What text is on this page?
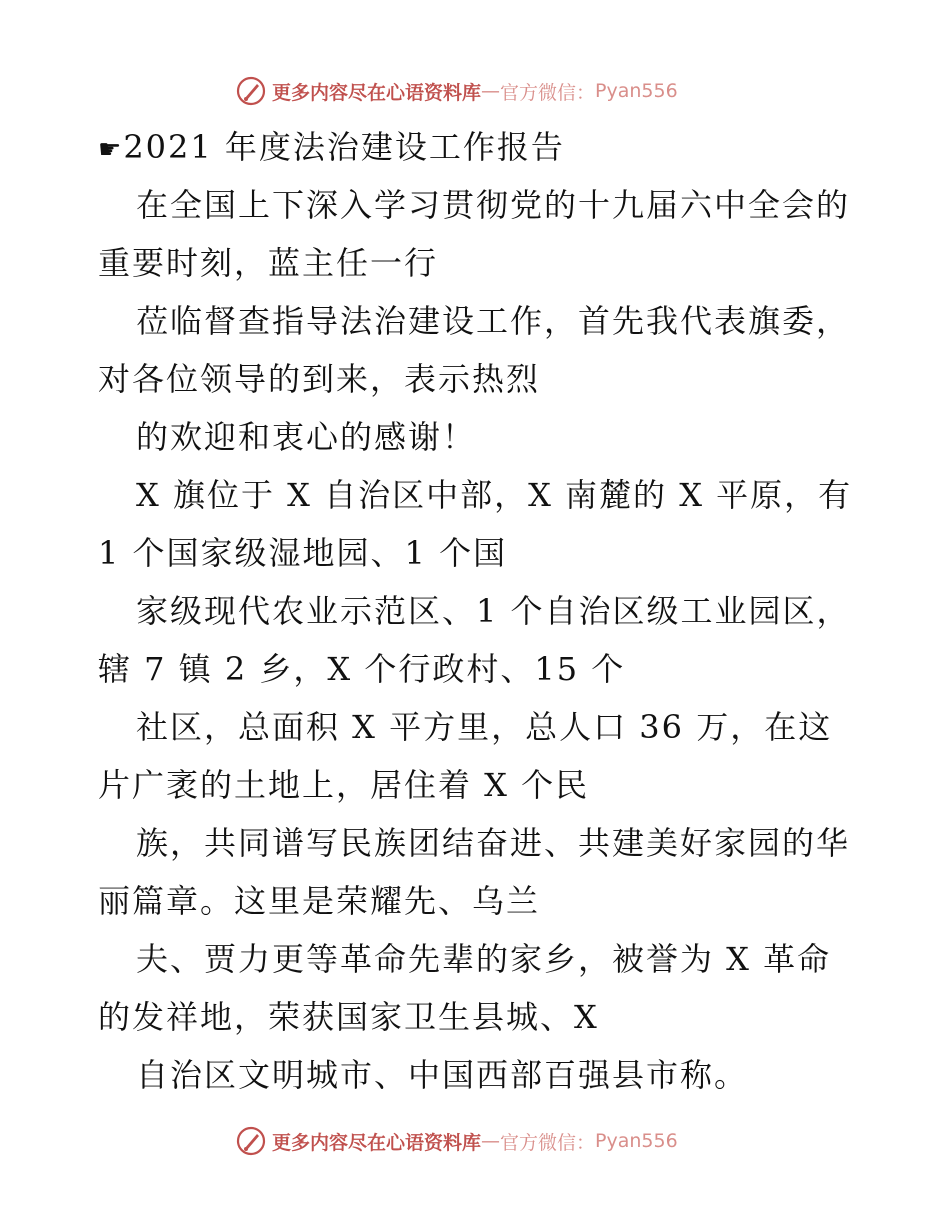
更多内容尽在心语资料库 — 官方微信： Pyan556
☛2021 年度法治建设工作报告
在全国上下深入学习贯彻党的十九届六中全会的
重要时刻，蓝主任一行
莅临督查指导法治建设工作，首先我代表旗委，
对各位领导的到来，表示热烈
的欢迎和衷心的感谢！
X 旗位于 X 自治区中部，X 南麓的 X 平原，有
1 个国家级湿地园、1 个国
家级现代农业示范区、1 个自治区级工业园区，
辖 7 镇 2 乡，X 个行政村、15 个
社区，总面积 X 平方里，总人口 36 万，在这
片广袤的土地上，居住着 X 个民
族，共同谱写民族团结奋进、共建美好家园的华
丽篇章。这里是荣耀先、乌兰
夫、贾力更等革命先辈的家乡，被誉为 X 革命
的发祥地，荣获国家卫生县城、X
自治区文明城市、中国西部百强县市称。
更多内容尽在心语资料库 — 官方微信： Pyan556
